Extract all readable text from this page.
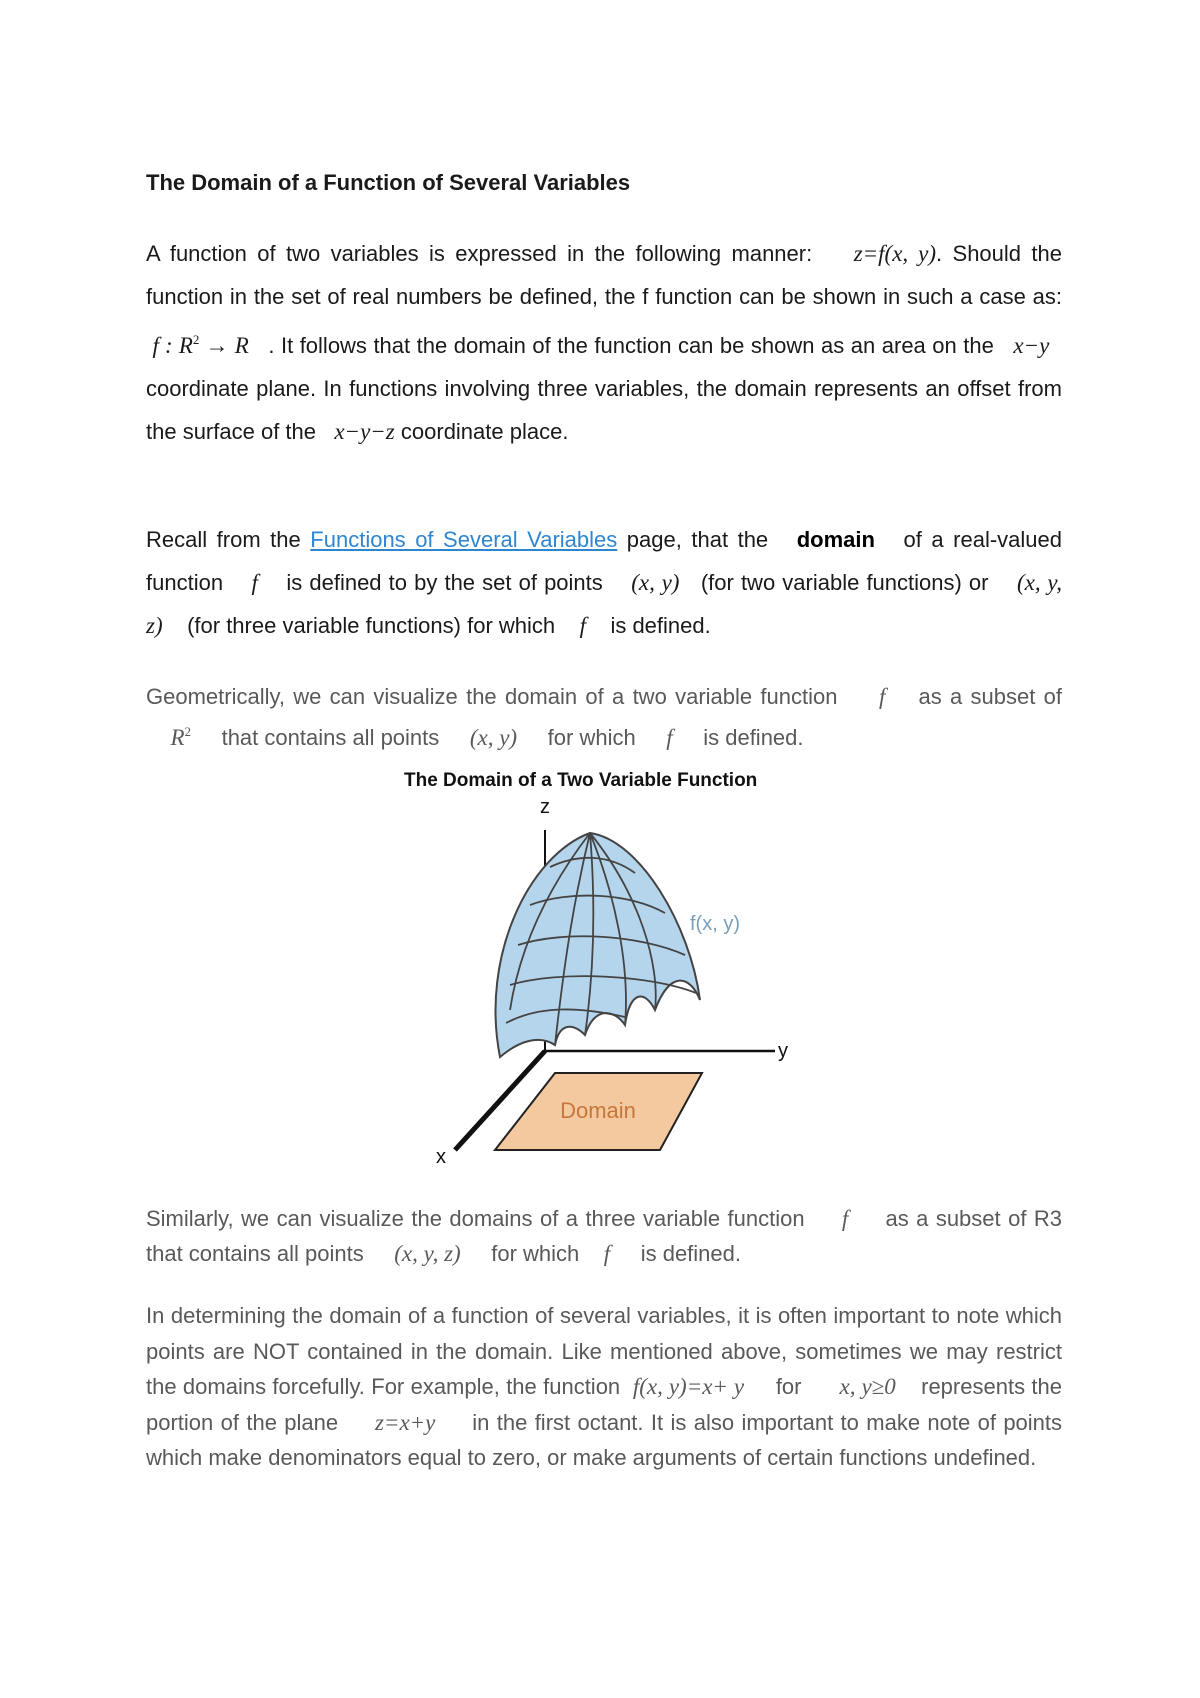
The Domain of a Function of Several Variables

A function of two variables is expressed in the following manner: z=f(x, y). Should the function in the set of real numbers be defined, the f function can be shown in such a case as:  f : $R^2 \to R$ . It follows that the domain of the function can be shown as an area on the x−y   coordinate plane. In functions involving three variables, the domain represents an offset from the surface of the x−y−z coordinate place.

Recall from the Functions of Several Variables page, that the domain of a real-valued function f is defined to by the set of points (x, y) (for two variable functions) or (x, y, z) (for three variable functions) for which f is defined.

Geometrically, we can visualize the domain of a two variable function f as a subset of     $R^2$ that contains all points (x, y) for which f is defined.

The Domain of a Two Variable Function

Similarly, we can visualize the domains of a three variable function f as a subset of R3 that contains all points (x, y, z) for which f is defined.

In determining the domain of a function of several variables, it is often important to note which points are NOT contained in the domain. Like mentioned above, sometimes we may restrict the domains forcefully. For example, the function f(x, y)=x+ y for x, y≥0 represents the portion of the plane z=x+y in the first octant. It is also important to make note of points which make denominators equal to zero, or make arguments of certain functions undefined.

Domain
z
y
x
f(x, y)
